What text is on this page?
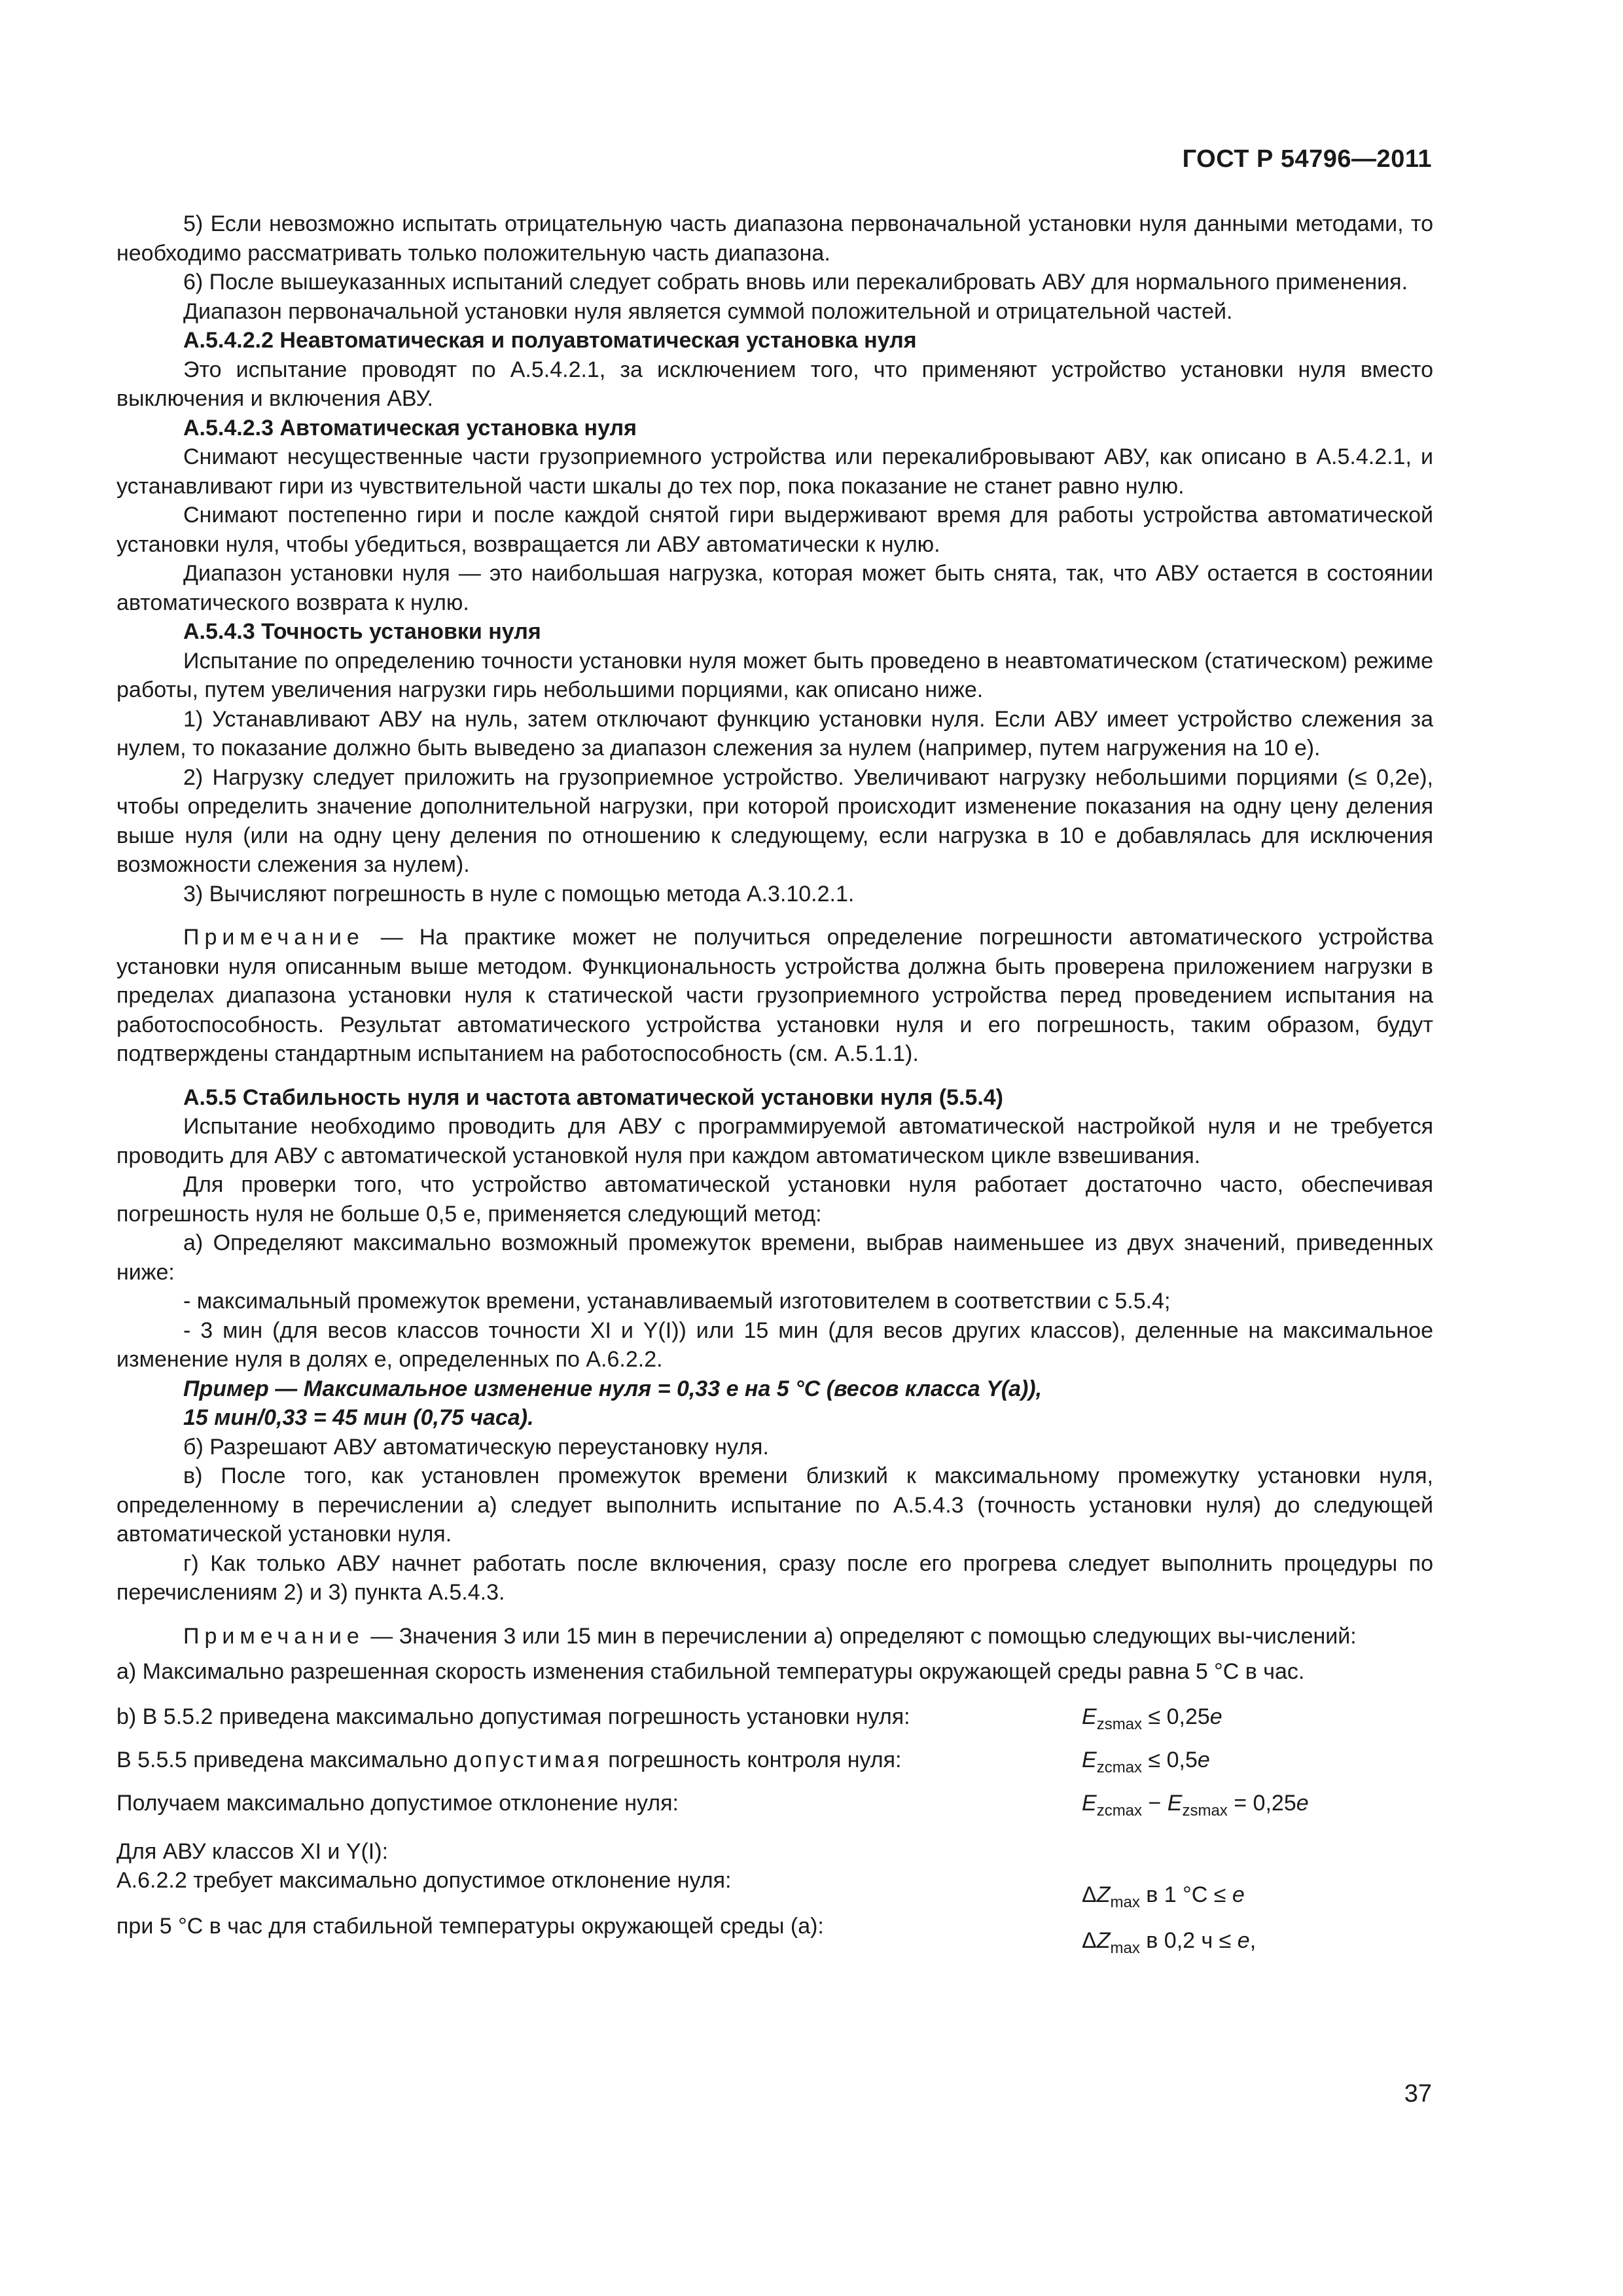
ГОСТ Р 54796—2011

5) Если невозможно испытать отрицательную часть диапазона первоначальной установки нуля данными методами, то необходимо рассматривать только положительную часть диапазона.

6) После вышеуказанных испытаний следует собрать вновь или перекалибровать АВУ для нормального применения.

Диапазон первоначальной установки нуля является суммой положительной и отрицательной частей.

А.5.4.2.2 Неавтоматическая и полуавтоматическая установка нуля

Это испытание проводят по А.5.4.2.1, за исключением того, что применяют устройство установки нуля вместо выключения и включения АВУ.

А.5.4.2.3 Автоматическая установка нуля

Снимают несущественные части грузоприемного устройства или перекалибровывают АВУ, как описано в А.5.4.2.1, и устанавливают гири из чувствительной части шкалы до тех пор, пока показание не станет равно нулю.

Снимают постепенно гири и после каждой снятой гири выдерживают время для работы устройства автоматической установки нуля, чтобы убедиться, возвращается ли АВУ автоматически к нулю.

Диапазон установки нуля — это наибольшая нагрузка, которая может быть снята, так, что АВУ остается в состоянии автоматического возврата к нулю.

А.5.4.3 Точность установки нуля

Испытание по определению точности установки нуля может быть проведено в неавтоматическом (статическом) режиме работы, путем увеличения нагрузки гирь небольшими порциями, как описано ниже.

1) Устанавливают АВУ на нуль, затем отключают функцию установки нуля. Если АВУ имеет устройство слежения за нулем, то показание должно быть выведено за диапазон слежения за нулем (например, путем нагружения на 10 е).

2) Нагрузку следует приложить на грузоприемное устройство. Увеличивают нагрузку небольшими порциями (≤ 0,2е), чтобы определить значение дополнительной нагрузки, при которой происходит изменение показания на одну цену деления выше нуля (или на одну цену деления по отношению к следующему, если нагрузка в 10 е добавлялась для исключения возможности слежения за нулем).

3) Вычисляют погрешность в нуле с помощью метода А.3.10.2.1.

Примечание — На практике может не получиться определение погрешности автоматического устройства установки нуля описанным выше методом. Функциональность устройства должна быть проверена приложением нагрузки в пределах диапазона установки нуля к статической части грузоприемного устройства перед проведением испытания на работоспособность. Результат автоматического устройства установки нуля и его погрешность, таким образом, будут подтверждены стандартным испытанием на работоспособность (см. А.5.1.1).

А.5.5 Стабильность нуля и частота автоматической установки нуля (5.5.4)

Испытание необходимо проводить для АВУ с программируемой автоматической настройкой нуля и не требуется проводить для АВУ с автоматической установкой нуля при каждом автоматическом цикле взвешивания.

Для проверки того, что устройство автоматической установки нуля работает достаточно часто, обеспечивая погрешность нуля не больше 0,5 е, применяется следующий метод:

а) Определяют максимально возможный промежуток времени, выбрав наименьшее из двух значений, приведенных ниже:

- максимальный промежуток времени, устанавливаемый изготовителем в соответствии с 5.5.4;

- 3 мин (для весов классов точности XI и Y(I)) или 15 мин (для весов других классов), деленные на максимальное изменение нуля в долях е, определенных по А.6.2.2.

Пример — Максимальное изменение нуля = 0,33 е на 5 °С (весов класса Y(a)),

15 мин/0,33 = 45 мин (0,75 часа).

б) Разрешают АВУ автоматическую переустановку нуля.

в) После того, как установлен промежуток времени близкий к максимальному промежутку установки нуля, определенному в перечислении а) следует выполнить испытание по А.5.4.3 (точность установки нуля) до следующей автоматической установки нуля.

г) Как только АВУ начнет работать после включения, сразу после его прогрева следует выполнить процедуры по перечислениям 2) и 3) пункта А.5.4.3.

Примечание — Значения 3 или 15 мин в перечислении а) определяют с помощью следующих вы-числений:

а) Максимально разрешенная скорость изменения стабильной температуры окружающей среды равна 5 °С в час.

b) В 5.5.2 приведена максимально допустимая погрешность установки нуля:	$E_{zsmax} \le 0,25e$
В 5.5.5 приведена максимально допустимая погрешность контроля нуля:	$E_{zcmax} \le 0,5e$
Получаем максимально допустимое отклонение нуля:	$E_{zcmax} - E_{zsmax} = 0,25e$

Для АВУ классов XI и Y(I):

А.6.2.2 требует максимально допустимое отклонение нуля:
$\Delta Z_{max}$ в 1 °C ≤ e
при 5 °С в час для стабильной температуры окружающей среды (а):
$\Delta Z_{max}$ в 0,2 ч ≤ e,
37
